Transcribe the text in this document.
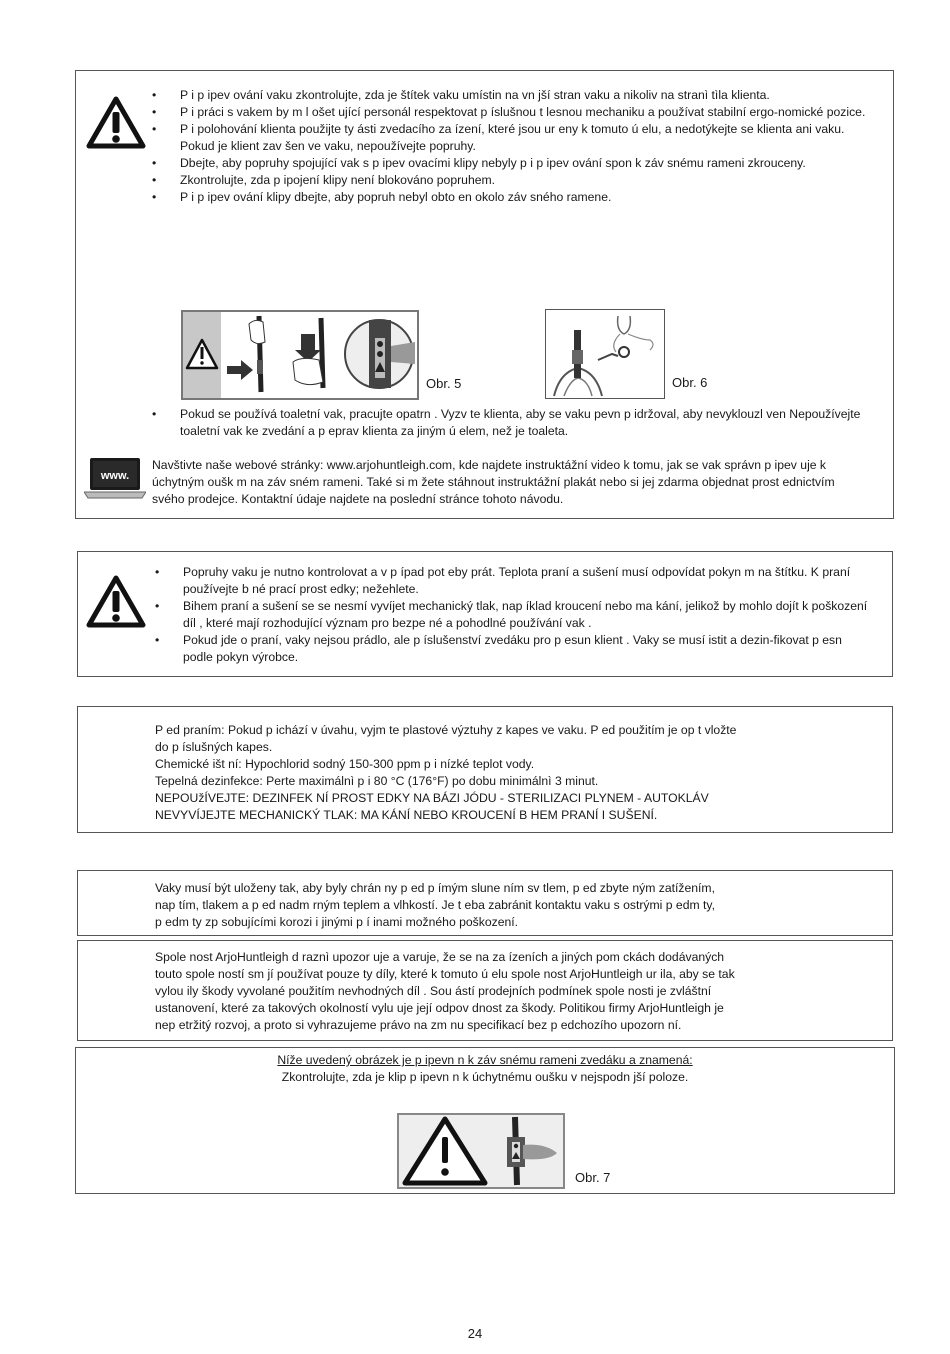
• P i p ipev ování vaku zkontrolujte, zda je štítek vaku umístin na vn jší stran vaku a nikoliv na stranì tìla klienta.
• P i práci s vakem by m l ošet ující personál respektovat p íslušnou t lesnou mechaniku a používat stabilní ergo-nomické pozice.
• P i polohování klienta použijte ty ásti zvedacího za ízení, které jsou ur eny k tomuto ú elu, a nedotýkejte se klienta ani vaku. Pokud je klient zav šen ve vaku, nepoužívejte popruhy.
• Dbejte, aby popruhy spojující vak s p ipev ovacími klipy nebyly p i p ipev ování spon k záv snému rameni zkrouceny.
• Zkontrolujte, zda p ipojení klipy není blokováno popruhem.
• P i p ipev ování klipy dbejte, aby popruh nebyl obto en okolo záv sného ramene.
Obr. 5	Obr. 6
• Pokud se používá toaletní vak, pracujte opatrn . Vyzv te klienta, aby se vaku pevn p idržoval, aby nevyklouzl ven Nepoužívejte toaletní vak ke zvedání a p eprav klienta za jiným ú elem, než je toaleta.
www.
Navštivte naše webové stránky: www.arjohuntleigh.com, kde najdete instruktážní video k tomu, jak se vak správn p ipev uje k úchytným oušk m na záv sném rameni. Také si m žete stáhnout instruktážní plakát nebo si jej zdarma objednat prost ednictvím svého prodejce. Kontaktní údaje najdete na poslední stránce tohoto návodu.
• Popruhy vaku je nutno kontrolovat a v p ípad pot eby prát. Teplota praní a sušení musí odpovídat pokyn m na štítku. K praní používejte b né prací prost edky; nežehlete.
• Bihem praní a sušení se se nesmí vyvíjet mechanický tlak, nap íklad kroucení nebo ma kání, jelikož by mohlo dojít k poškození díl , které mají rozhodující význam pro bezpe né a pohodlné používání vak .
• Pokud jde o praní, vaky nejsou prádlo, ale p íslušenství zvedáku pro p esun klient . Vaky se musí istit a dezin-fikovat p esn podle pokyn výrobce.
P ed praním: Pokud p ichází v úvahu, vyjm te plastové výztuhy z kapes ve vaku. P ed použitím je op t vložte
do p íslušných kapes.
Chemické išt ní: Hypochlorid sodný 150-300 ppm p i nízké teplot vody.
Tepelná dezinfekce: Perte maximálnì p i 80 °C (176°F) po dobu minimálnì 3 minut.
NEPOUžÍVEJTE: DEZINFEK NÍ PROST EDKY NA BÁZI JÓDU - STERILIZACI PLYNEM - AUTOKLÁV
NEVYVÍJEJTE MECHANICKÝ TLAK: MA KÁNÍ NEBO KROUCENÍ B HEM PRANÍ I SUŠENÍ.
Vaky musí být uloženy tak, aby byly chrán ny p ed p ímým slune ním sv tlem, p ed zbyte ným zatížením,
nap tím, tlakem a p ed nadm rným teplem a vlhkostí. Je t eba zabránit kontaktu vaku s ostrými p edm ty,
p edm ty zp sobujícími korozi i jinými p í inami možného poškození.
Spole nost ArjoHuntleigh d raznì upozor uje a varuje, že se na za ízeních a jiných pom ckách dodávaných
touto spole ností sm jí používat pouze ty díly, které k tomuto ú elu spole nost ArjoHuntleigh ur ila, aby se tak
vylou ily škody vyvolané použitím nevhodných díl . Sou ástí prodejních podmínek spole nosti je zvláštní
ustanovení, které za takových okolností vylu uje její odpov dnost za škody. Politikou firmy ArjoHuntleigh je
nep etržitý rozvoj, a proto si vyhrazujeme právo na zm nu specifikací bez p edchozího upozorn ní.
Níže uvedený obrázek je p ipevn n k záv snému rameni zvedáku a znamená:
Zkontrolujte, zda je klip p ipevn n k úchytnému oušku v nejspodn jší poloze.
Obr. 7
24
